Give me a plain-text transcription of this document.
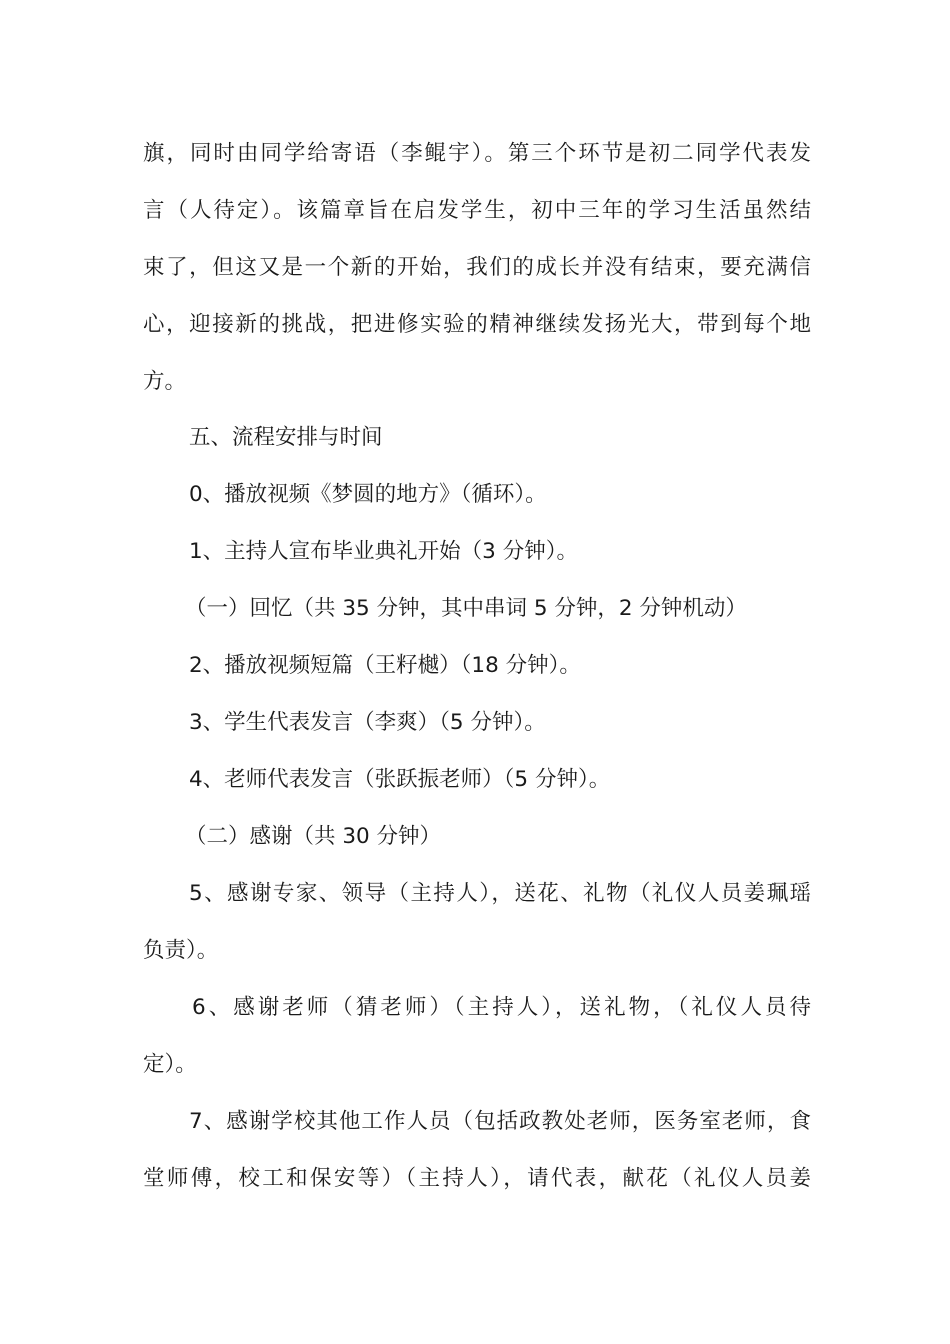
旗，同时由同学给寄语（李鲲宇）。第三个环节是初二同学代表发
言（人待定）。该篇章旨在启发学生，初中三年的学习生活虽然结
束了，但这又是一个新的开始，我们的成长并没有结束，要充满信
心，迎接新的挑战，把进修实验的精神继续发扬光大，带到每个地
方。
五、流程安排与时间
0、播放视频《梦圆的地方》（循环）。
1、主持人宣布毕业典礼开始（3 分钟）。
（一）回忆（共 35 分钟，其中串词 5 分钟，2 分钟机动）
2、播放视频短篇（王籽樾）（18 分钟）。
3、学生代表发言（李爽）（5 分钟）。
4、老师代表发言（张跃振老师）（5 分钟）。
（二）感谢（共 30 分钟）
5、感谢专家、领导（主持人），送花、礼物（礼仪人员姜珮瑶
负责）。
6、感谢老师（猜老师）（主持人），送礼物，（礼仪人员待
定）。
7、感谢学校其他工作人员（包括政教处老师，医务室老师，食
堂师傅，校工和保安等）（主持人），请代表，献花（礼仪人员姜
